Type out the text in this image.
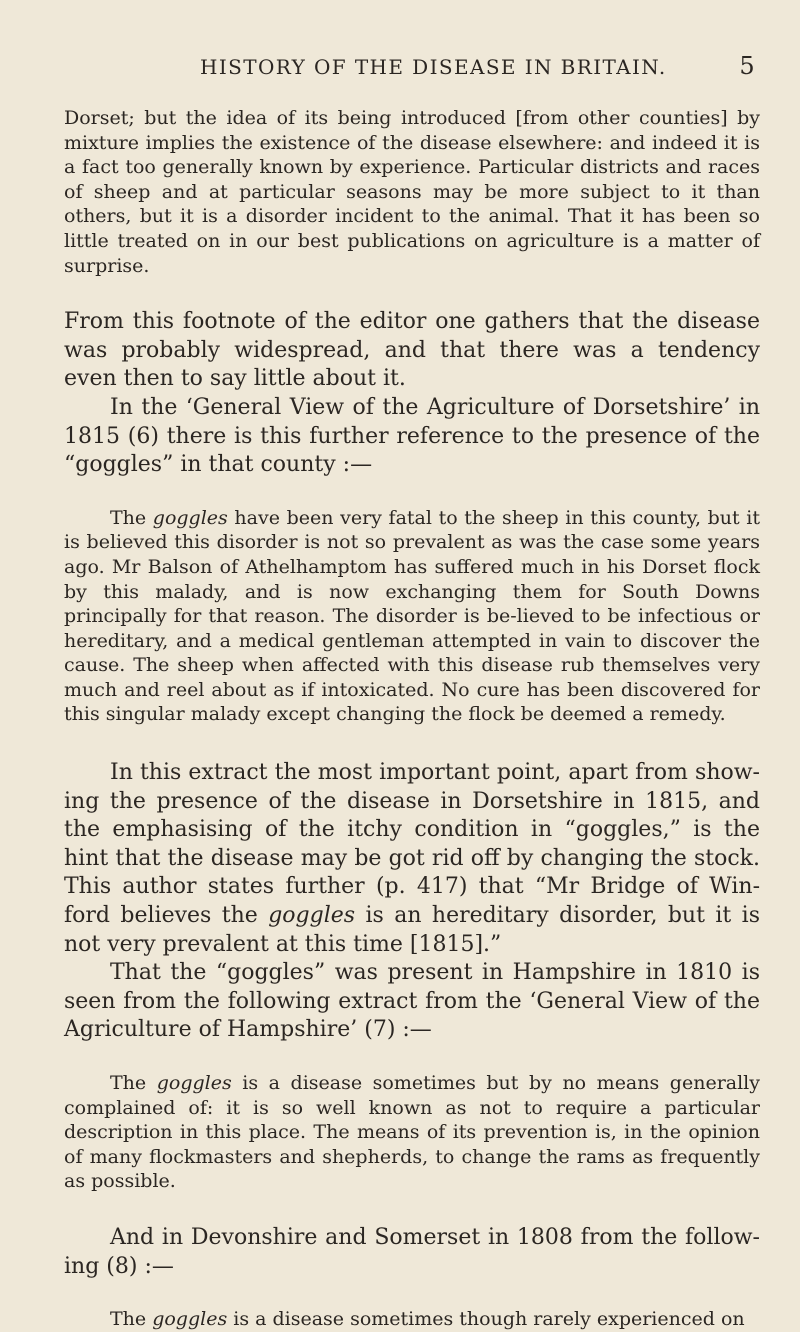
HISTORY OF THE DISEASE IN BRITAIN.	5

Dorset; but the idea of its being introduced [from other counties] by mixture implies the existence of the disease elsewhere: and indeed it is a fact too generally known by experience. Particular districts and races of sheep and at particular seasons may be more subject to it than others, but it is a disorder incident to the animal. That it has been so little treated on in our best publications on agriculture is a matter of surprise.

From this footnote of the editor one gathers that the disease was probably widespread, and that there was a tendency even then to say little about it.

In the ‘General View of the Agriculture of Dorsetshire’ in 1815 (6) there is this further reference to the presence of the “goggles” in that county :—

The goggles have been very fatal to the sheep in this county, but it is believed this disorder is not so prevalent as was the case some years ago. Mr Balson of Athelhamptom has suffered much in his Dorset flock by this malady, and is now exchanging them for South Downs principally for that reason. The disorder is be-lieved to be infectious or hereditary, and a medical gentleman attempted in vain to discover the cause. The sheep when affected with this disease rub themselves very much and reel about as if intoxicated. No cure has been discovered for this singular malady except changing the flock be deemed a remedy.

In this extract the most important point, apart from show-ing the presence of the disease in Dorsetshire in 1815, and the emphasising of the itchy condition in “goggles,” is the hint that the disease may be got rid off by changing the stock. This author states further (p. 417) that “Mr Bridge of Win-ford believes the goggles is an hereditary disorder, but it is not very prevalent at this time [1815].”

That the “goggles” was present in Hampshire in 1810 is seen from the following extract from the ‘General View of the Agriculture of Hampshire’ (7) :—

The goggles is a disease sometimes but by no means generally complained of: it is so well known as not to require a particular description in this place. The means of its prevention is, in the opinion of many flockmasters and shepherds, to change the rams as frequently as possible.

And in Devonshire and Somerset in 1808 from the follow-ing (8) :—

The goggles is a disease sometimes though rarely experienced on
